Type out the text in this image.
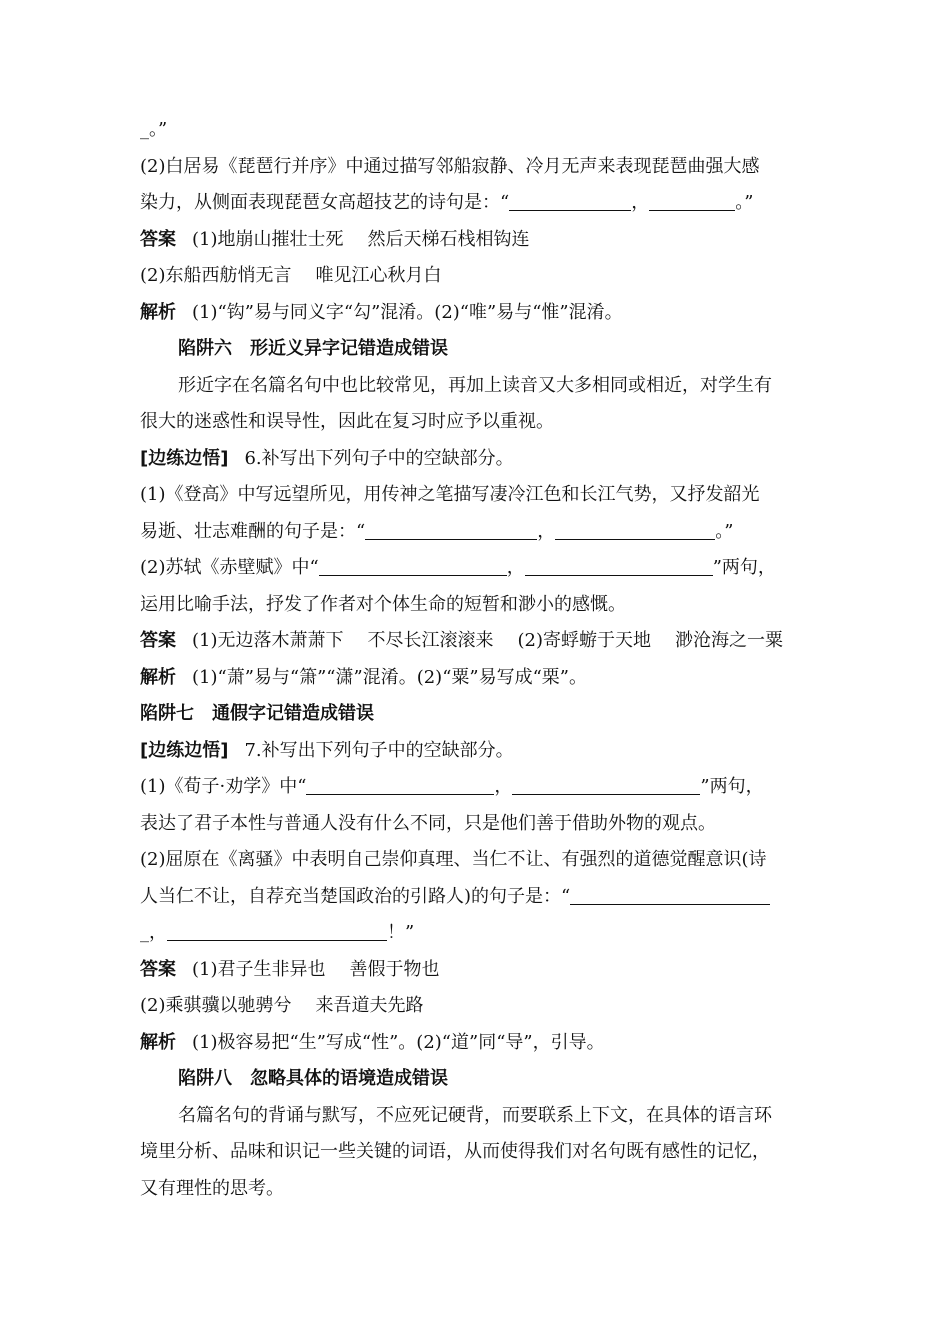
_。”
(2)白居易《琵琶行并序》中通过描写邻船寂静、冷月无声来表现琵琶曲强大感
染力，从侧面表现琵琶女高超技艺的诗句是：“	，	。”
答案 (1)地崩山摧壮士死 然后天梯石栈相钩连
(2)东船西舫悄无言 唯见江心秋月白
解析 (1)“钩”易与同义字“勾”混淆。(2)“唯”易与“惟”混淆。
陷阱六　形近义异字记错造成错误
形近字在名篇名句中也比较常见，再加上读音又大多相同或相近，对学生有
很大的迷惑性和误导性，因此在复习时应予以重视。
[边练边悟] 6.补写出下列句子中的空缺部分。
(1)《登高》中写远望所见，用传神之笔描写凄冷江色和长江气势，又抒发韶光
易逝、壮志难酬的句子是：“	，	。”
(2)苏轼《赤壁赋》中“	，	”两句，
运用比喻手法，抒发了作者对个体生命的短暂和渺小的感慨。
答案 (1)无边落木萧萧下 不尽长江滚滚来 (2)寄蜉蝣于天地 渺沧海之一粟
解析 (1)“萧”易与“箫”“潇”混淆。(2)“粟”易写成“栗”。
陷阱七　通假字记错造成错误
[边练边悟] 7.补写出下列句子中的空缺部分。
(1)《荀子·劝学》中“	，	”两句，
表达了君子本性与普通人没有什么不同，只是他们善于借助外物的观点。
(2)屈原在《离骚》中表明自己崇仰真理、当仁不让、有强烈的道德觉醒意识(诗
人当仁不让，自荐充当楚国政治的引路人)的句子是：“
_，	！”
答案 (1)君子生非异也 善假于物也
(2)乘骐骥以驰骋兮 来吾道夫先路
解析 (1)极容易把“生”写成“性”。(2)“道”同“导”，引导。
陷阱八　忽略具体的语境造成错误
名篇名句的背诵与默写，不应死记硬背，而要联系上下文，在具体的语言环
境里分析、品味和识记一些关键的词语，从而使得我们对名句既有感性的记忆，
又有理性的思考。
